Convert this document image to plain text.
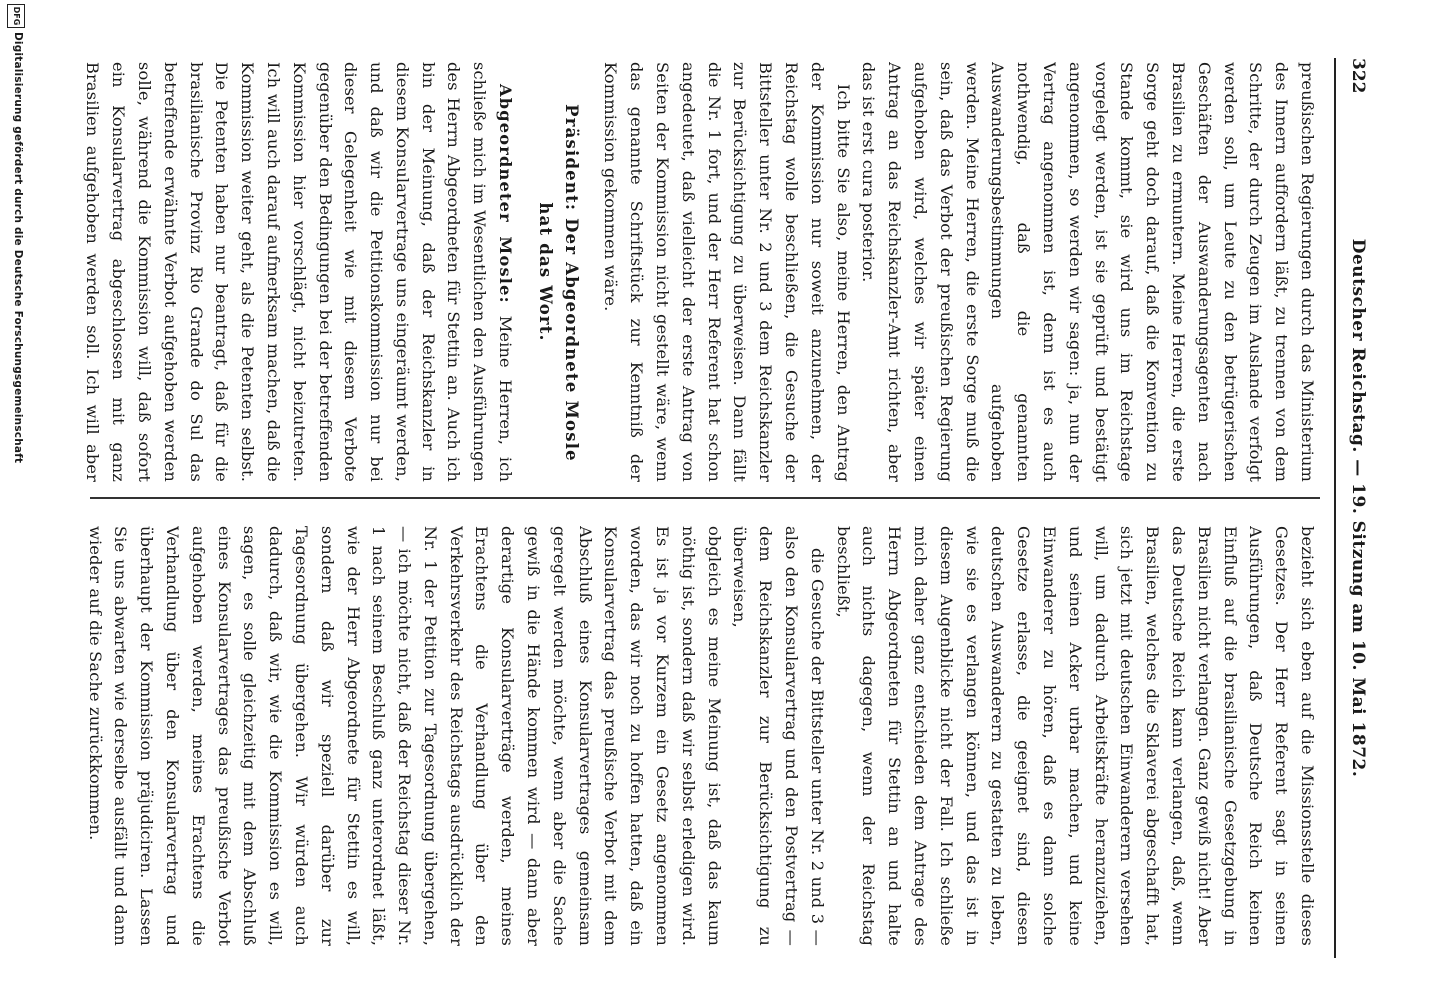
322
Deutscher Reichstag. — 19. Sitzung am 10. Mai 1872.

preußischen Regierungen durch das Ministerium des Innern auffordern läßt, zu trennen von dem Schritte, der durch Zeugen im Auslande verfolgt werden soll, um Leute zu den betrügerischen Geschäften der Auswanderungsagenten nach Brasilien zu ermuntern. Meine Herren, die erste Sorge geht doch darauf, daß die Konvention zu Stande kommt, sie wird uns im Reichstage vorgelegt werden, ist sie geprüft und bestätigt angenommen, so werden wir sagen: ja, nun der Vertrag angenommen ist, denn ist es auch nothwendig, daß die genannten Auswanderungsbestimmungen aufgehoben werden. Meine Herren, die erste Sorge muß die sein, daß das Verbot der preußischen Regierung aufgehoben wird, welches wir später einen Antrag an das Reichskanzler-Amt richten, aber das ist erst cura posterior.

Ich bitte Sie also, meine Herren, den Antrag der Kommission nur soweit anzunehmen, der Reichstag wolle beschließen, die Gesuche der Bittsteller unter Nr. 2 und 3 dem Reichskanzler zur Berücksichtigung zu überweisen. Dann fällt die Nr. 1 fort, und der Herr Referent hat schon angedeutet, daß vielleicht der erste Antrag von Seiten der Kommission nicht gestellt wäre, wenn das genannte Schriftstück zur Kenntniß der Kommission gekommen wäre.

Präsident: Der Abgeordnete Mosle hat das Wort.

Abgeordneter Mosle: Meine Herren, ich schließe mich im Wesentlichen den Ausführungen des Herrn Abgeordneten für Stettin an. Auch ich bin der Meinung, daß der Reichskanzler in diesem Konsularvertrage uns eingeräumt werden, und daß wir die Petitionskommission nur bei dieser Gelegenheit wie mit diesem Verbote gegenüber den Bedingungen bei der betreffenden Kommission hier vorschlägt, nicht beizutreten. Ich will auch darauf aufmerksam machen, daß die Kommission weiter geht, als die Petenten selbst. Die Petenten haben nur beantragt, daß für die brasilianische Provinz Rio Grande do Sul das betreffende erwähnte Verbot aufgehoben werden solle, während die Kommission will, daß sofort ein Konsularvertrag abgeschlossen mit ganz Brasilien aufgehoben werden soll. Ich will aber

bezieht sich eben auf die Missionsstelle dieses Gesetzes. Der Herr Referent sagt in seinen Ausführungen, daß Deutsche Reich keinen Einfluß auf die brasilianische Gesetzgebung in Brasilien nicht verlangen. Ganz gewiß nicht! Aber das Deutsche Reich kann verlangen, daß, wenn Brasilien, welches die Sklaverei abgeschafft hat, sich jetzt mit deutschen Einwanderern versehen will, um dadurch Arbeitskräfte heranzuziehen, und seinen Acker urbar machen, und keine Einwanderer zu hören, daß es dann solche Gesetze erlasse, die geeignet sind, diesen deutschen Auswanderern zu gestatten zu leben, wie sie es verlangen können, und das ist in diesem Augenblicke nicht der Fall. Ich schließe mich daher ganz entschieden dem Antrage des Herrn Abgeordneten für Stettin an und halte auch nichts dagegen, wenn der Reichstag beschließt,

die Gesuche der Bittsteller unter Nr. 2 und 3 — also den Konsularvertrag und den Postvertrag — dem Reichskanzler zur Berücksichtigung zu überweisen,

obgleich es meine Meinung ist, daß das kaum nöthig ist, sondern daß wir selbst erledigen wird. Es ist ja vor Kurzem ein Gesetz angenommen worden, das wir noch zu hoffen hatten, daß ein Konsularvertrag das preußische Verbot mit dem Abschluß eines Konsularvertrages gemeinsam geregelt werden möchte, wenn aber die Sache gewiß in die Hände kommen wird — dann aber derartige Konsularverträge werden, meines Erachtens die Verhandlung über den Verkehrsverkehr des Reichstags ausdrücklich der Nr. 1 der Petition zur Tagesordnung übergehen, — ich möchte nicht, daß der Reichstag dieser Nr. 1 nach seinem Beschluß ganz unterordnet läßt, wie der Herr Abgeordnete für Stettin es will, sondern daß wir speziell darüber zur Tagesordnung übergehen. Wir würden auch dadurch, daß wir, wie die Kommission es will, sagen, es solle gleichzeitig mit dem Abschluß eines Konsularvertrages das preußische Verbot aufgehoben werden, meines Erachtens die Verhandlung über den Konsularvertrag und überhaupt der Kommission präjudiciren. Lassen Sie uns abwarten wie derselbe ausfällt und dann wieder auf die Sache zurückkommen.

DFG
Digitalisierung gefördert durch die Deutsche Forschungsgemeinschaft
